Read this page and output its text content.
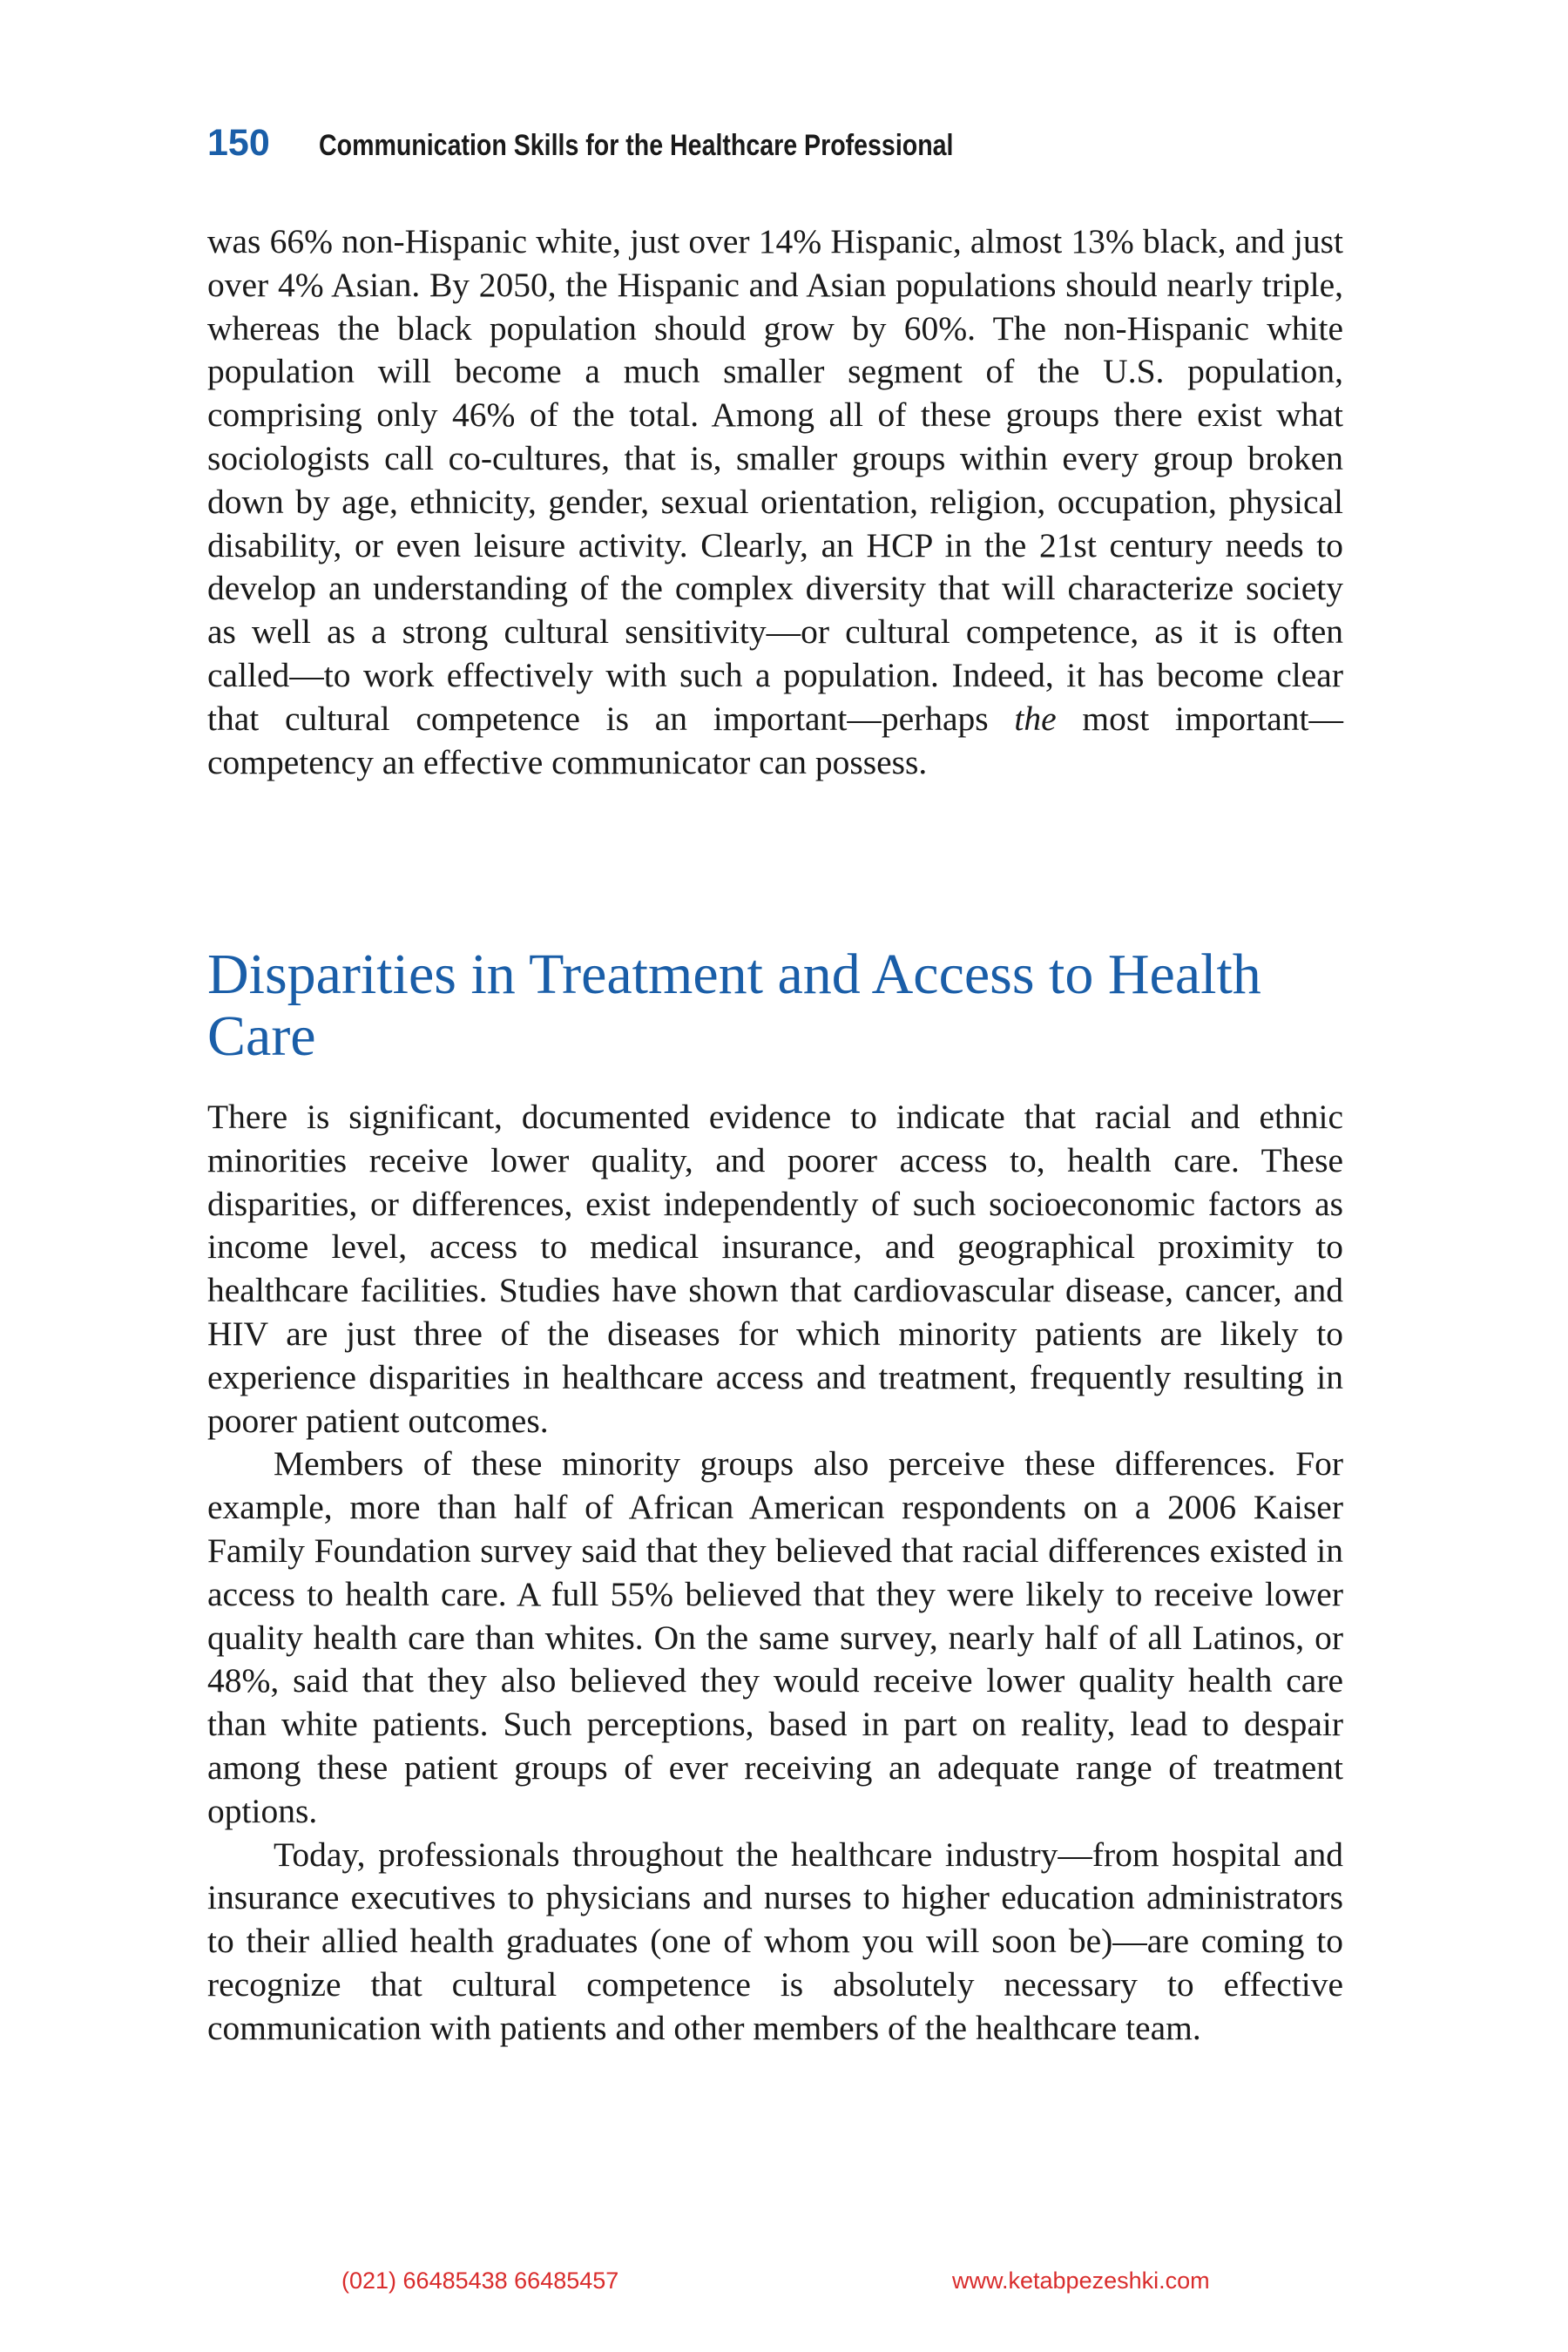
150 Communication Skills for the Healthcare Professional

was 66% non-Hispanic white, just over 14% Hispanic, almost 13% black, and just over 4% Asian. By 2050, the Hispanic and Asian populations should nearly triple, whereas the black population should grow by 60%. The non-Hispanic white population will become a much smaller segment of the U.S. population, comprising only 46% of the total. Among all of these groups there exist what sociologists call co-cultures, that is, smaller groups within every group broken down by age, ethnicity, gender, sexual orientation, religion, occupation, physical disability, or even leisure activity. Clearly, an HCP in the 21st century needs to develop an understanding of the complex diversity that will characterize society as well as a strong cultural sensitivity—or cultural competence, as it is often called—to work effectively with such a population. Indeed, it has become clear that cultural competence is an important—perhaps the most important—competency an effective communicator can possess.

Disparities in Treatment and Access to Health Care

There is significant, documented evidence to indicate that racial and ethnic minorities receive lower quality, and poorer access to, health care. These disparities, or differences, exist independently of such socioeconomic factors as income level, access to medical insurance, and geographical proximity to healthcare facilities. Studies have shown that cardiovascular disease, cancer, and HIV are just three of the diseases for which minority patients are likely to experience disparities in healthcare access and treatment, frequently resulting in poorer patient outcomes.

Members of these minority groups also perceive these differences. For example, more than half of African American respondents on a 2006 Kaiser Family Foundation survey said that they believed that racial differences existed in access to health care. A full 55% believed that they were likely to receive lower quality health care than whites. On the same survey, nearly half of all Latinos, or 48%, said that they also believed they would receive lower quality health care than white patients. Such perceptions, based in part on reality, lead to despair among these patient groups of ever receiving an adequate range of treatment options.

Today, professionals throughout the healthcare industry—from hospital and insurance executives to physicians and nurses to higher education administrators to their allied health graduates (one of whom you will soon be)—are coming to recognize that cultural competence is absolutely necessary to effective communication with patients and other members of the healthcare team.

(021) 66485438 66485457	www.ketabpezeshki.com
